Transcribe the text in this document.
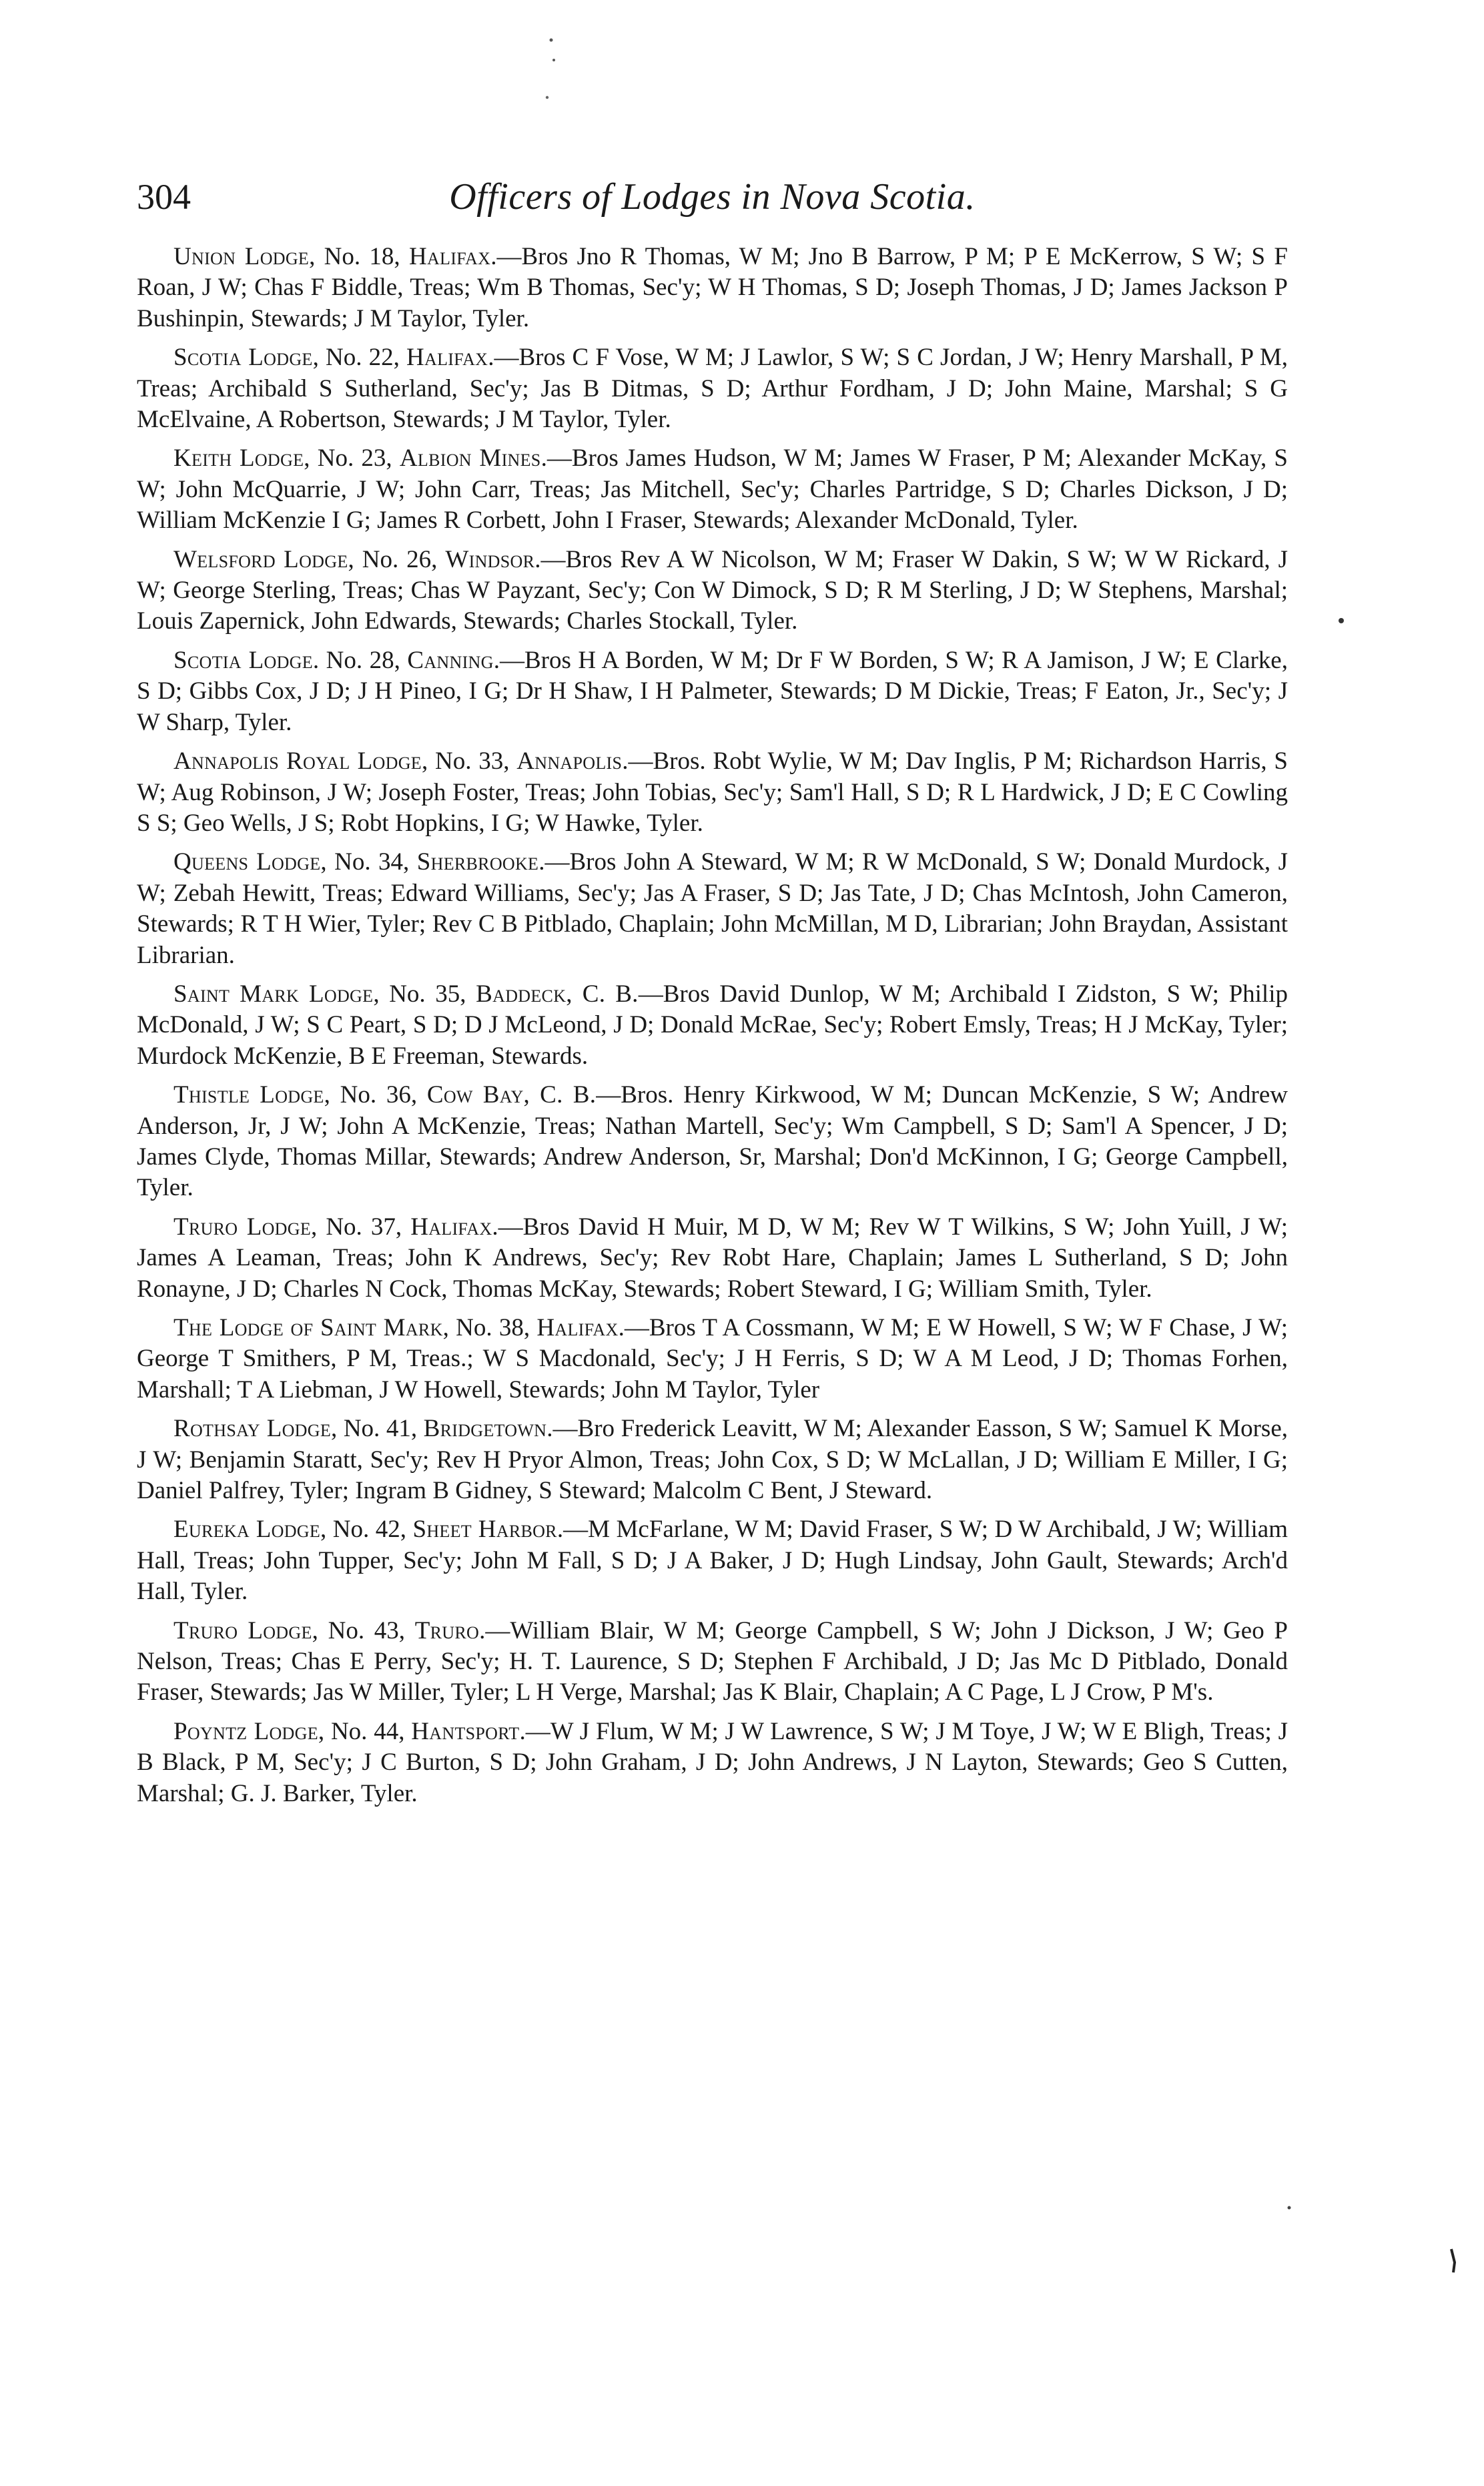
304	Officers of Lodges in Nova Scotia.

Union Lodge, No. 18, Halifax.—Bros Jno R Thomas, W M; Jno B Barrow, P M; P E McKerrow, S W; S F Roan, J W; Chas F Biddle, Treas; Wm B Thomas, Sec'y; W H Thomas, S D; Joseph Thomas, J D; James Jackson P Bushinpin, Stewards; J M Taylor, Tyler.

Scotia Lodge, No. 22, Halifax.—Bros C F Vose, W M; J Lawlor, S W; S C Jordan, J W; Henry Marshall, P M, Treas; Archibald S Sutherland, Sec'y; Jas B Ditmas, S D; Arthur Fordham, J D; John Maine, Marshal; S G McElvaine, A Robertson, Stewards; J M Taylor, Tyler.

Keith Lodge, No. 23, Albion Mines.—Bros James Hudson, W M; James W Fraser, P M; Alexander McKay, S W; John McQuarrie, J W; John Carr, Treas; Jas Mitchell, Sec'y; Charles Partridge, S D; Charles Dickson, J D; William McKenzie I G; James R Corbett, John I Fraser, Stewards; Alexander McDonald, Tyler.

Welsford Lodge, No. 26, Windsor.—Bros Rev A W Nicolson, W M; Fraser W Dakin, S W; W W Rickard, J W; George Sterling, Treas; Chas W Payzant, Sec'y; Con W Dimock, S D; R M Sterling, J D; W Stephens, Marshal; Louis Zapernick, John Edwards, Stewards; Charles Stockall, Tyler.

Scotia Lodge. No. 28, Canning.—Bros H A Borden, W M; Dr F W Borden, S W; R A Jamison, J W; E Clarke, S D; Gibbs Cox, J D; J H Pineo, I G; Dr H Shaw, I H Palmeter, Stewards; D M Dickie, Treas; F Eaton, Jr., Sec'y; J W Sharp, Tyler.

Annapolis Royal Lodge, No. 33, Annapolis.—Bros. Robt Wylie, W M; Dav Inglis, P M; Richardson Harris, S W; Aug Robinson, J W; Joseph Foster, Treas; John Tobias, Sec'y; Sam'l Hall, S D; R L Hardwick, J D; E C Cowling S S; Geo Wells, J S; Robt Hopkins, I G; W Hawke, Tyler.

Queens Lodge, No. 34, Sherbrooke.—Bros John A Steward, W M; R W McDonald, S W; Donald Murdock, J W; Zebah Hewitt, Treas; Edward Williams, Sec'y; Jas A Fraser, S D; Jas Tate, J D; Chas McIntosh, John Cameron, Stewards; R T H Wier, Tyler; Rev C B Pitblado, Chaplain; John McMillan, M D, Librarian; John Braydan, Assistant Librarian.

Saint Mark Lodge, No. 35, Baddeck, C. B.—Bros David Dunlop, W M; Archibald I Zidston, S W; Philip McDonald, J W; S C Peart, S D; D J McLeond, J D; Donald McRae, Sec'y; Robert Emsly, Treas; H J McKay, Tyler; Murdock McKenzie, B E Freeman, Stewards.

Thistle Lodge, No. 36, Cow Bay, C. B.—Bros. Henry Kirkwood, W M; Duncan McKenzie, S W; Andrew Anderson, Jr, J W; John A McKenzie, Treas; Nathan Martell, Sec'y; Wm Campbell, S D; Sam'l A Spencer, J D; James Clyde, Thomas Millar, Stewards; Andrew Anderson, Sr, Marshal; Don'd McKinnon, I G; George Campbell, Tyler.

Truro Lodge, No. 37, Halifax.—Bros David H Muir, M D, W M; Rev W T Wilkins, S W; John Yuill, J W; James A Leaman, Treas; John K Andrews, Sec'y; Rev Robt Hare, Chaplain; James L Sutherland, S D; John Ronayne, J D; Charles N Cock, Thomas McKay, Stewards; Robert Steward, I G; William Smith, Tyler.

The Lodge of Saint Mark, No. 38, Halifax.—Bros T A Cossmann, W M; E W Howell, S W; W F Chase, J W; George T Smithers, P M, Treas.; W S Macdonald, Sec'y; J H Ferris, S D; W A M Leod, J D; Thomas Forhen, Marshall; T A Liebman, J W Howell, Stewards; John M Taylor, Tyler

Rothsay Lodge, No. 41, Bridgetown.—Bro Frederick Leavitt, W M; Alexander Easson, S W; Samuel K Morse, J W; Benjamin Staratt, Sec'y; Rev H Pryor Almon, Treas; John Cox, S D; W McLallan, J D; William E Miller, I G; Daniel Palfrey, Tyler; Ingram B Gidney, S Steward; Malcolm C Bent, J Steward.

Eureka Lodge, No. 42, Sheet Harbor.—M McFarlane, W M; David Fraser, S W; D W Archibald, J W; William Hall, Treas; John Tupper, Sec'y; John M Fall, S D; J A Baker, J D; Hugh Lindsay, John Gault, Stewards; Arch'd Hall, Tyler.

Truro Lodge, No. 43, Truro.—William Blair, W M; George Campbell, S W; John J Dickson, J W; Geo P Nelson, Treas; Chas E Perry, Sec'y; H. T. Laurence, S D; Stephen F Archibald, J D; Jas Mc D Pitblado, Donald Fraser, Stewards; Jas W Miller, Tyler; L H Verge, Marshal; Jas K Blair, Chaplain; A C Page, L J Crow, P M's.

Poyntz Lodge, No. 44, Hantsport.—W J Flum, W M; J W Lawrence, S W; J M Toye, J W; W E Bligh, Treas; J B Black, P M, Sec'y; J C Burton, S D; John Graham, J D; John Andrews, J N Layton, Stewards; Geo S Cutten, Marshal; G. J. Barker, Tyler.
